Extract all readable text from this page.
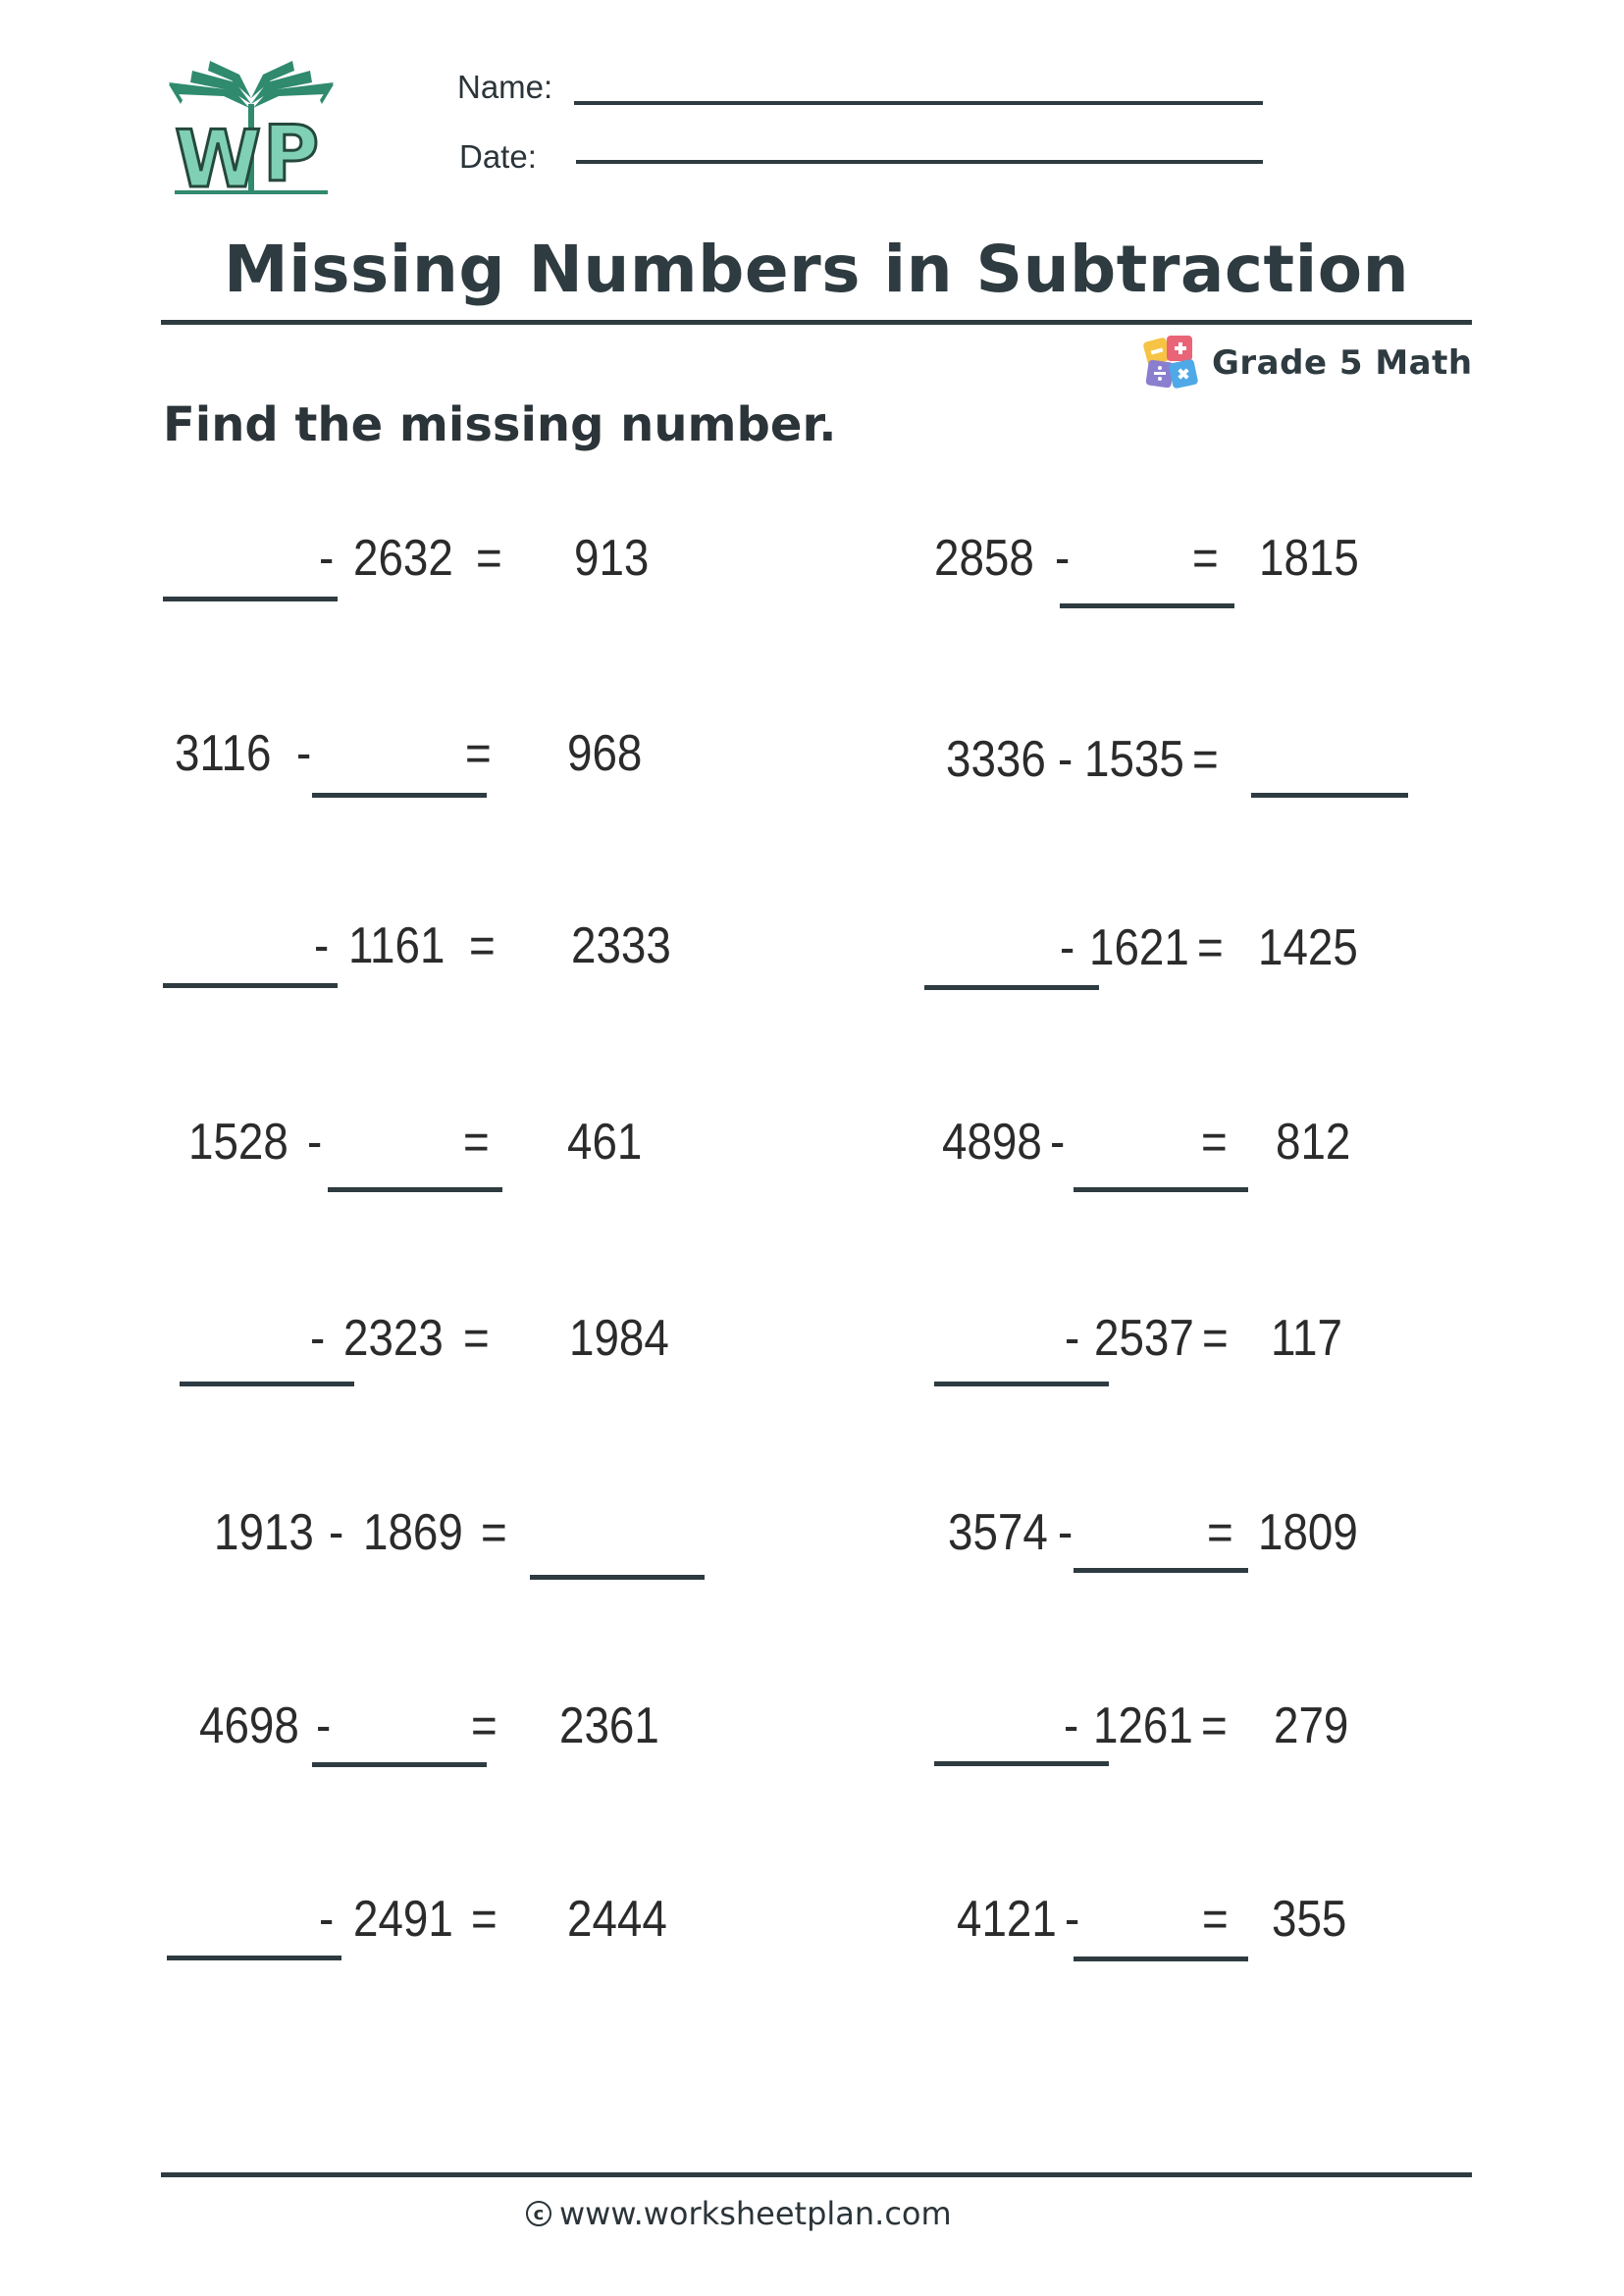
W P
Name:
Date:
Missing Numbers in Subtraction
Grade 5 Math
Find the missing number.
- 2632 = 913
3116 -	= 968
- 1161 = 2333
1528 -	= 461
- 2323 = 1984
1913 - 1869 =
4698 -	= 2361
- 2491 = 2444
2858 - = 1815
3336 - 1535 =
- 1621 = 1425
4898 -	= 812
- 2537 = 117
3574 -	= 1809
- 1261 = 279
4121 - = 355
c www.worksheetplan.com
